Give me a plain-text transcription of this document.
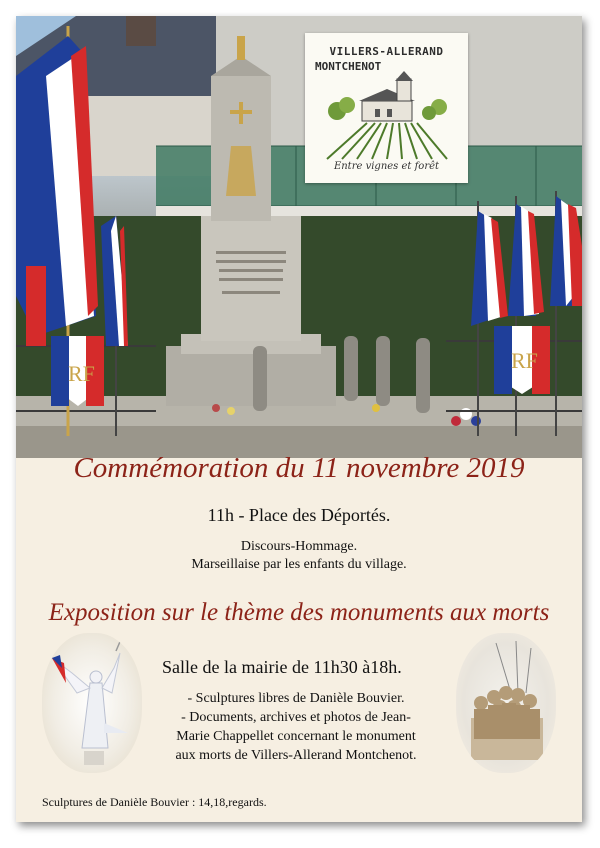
RF
RF
VILLERS-ALLERAND
MONTCHENOT
Entre vignes et forêt
Commémoration du 11 novembre 2019
11h - Place des Déportés.
Discours-Hommage.
Marseillaise par les enfants du village.
Exposition sur le thème des monuments aux morts
Salle de la mairie de 11h30 à18h.
- Sculptures libres de Danièle Bouvier.
- Documents, archives et photos de Jean-
Marie Chappellet concernant le monument
aux morts de Villers-Allerand Montchenot.
Sculptures de Danièle Bouvier : 14,18,regards.
